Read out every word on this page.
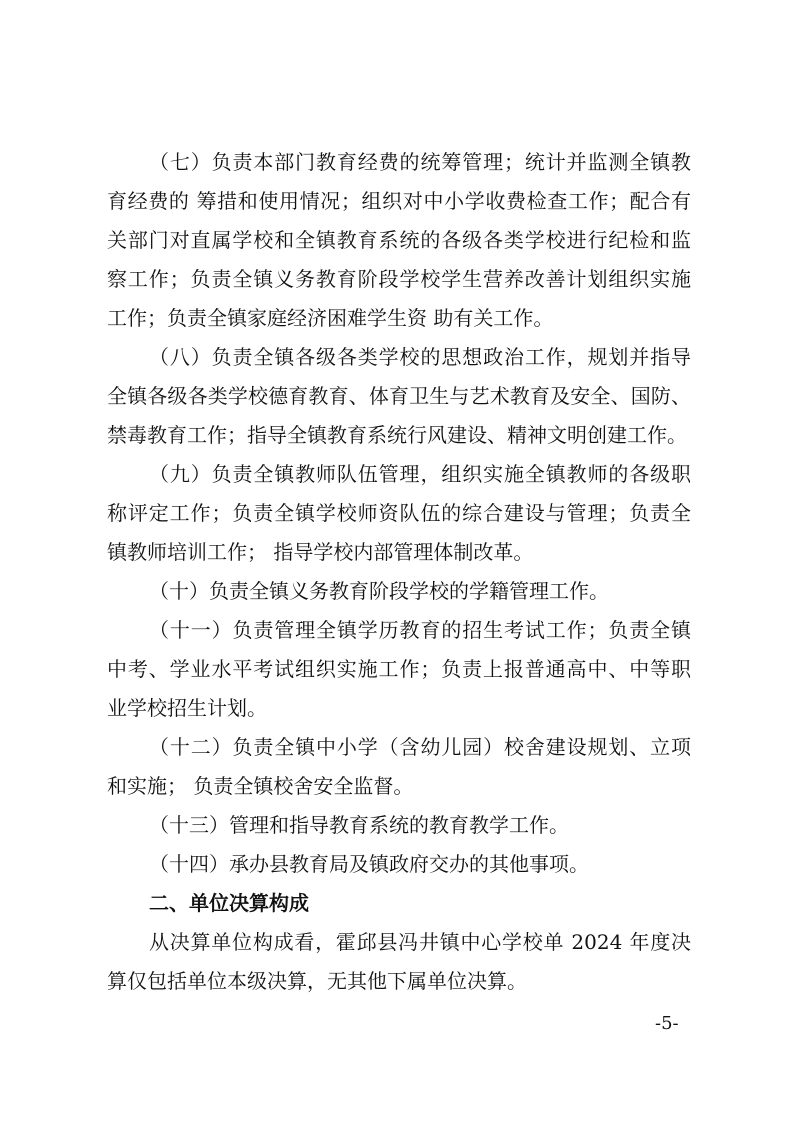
（七）负责本部门教育经费的统筹管理；统计并监测全镇教
育经费的 筹措和使用情况；组织对中小学收费检查工作；配合有
关部门对直属学校和全镇教育系统的各级各类学校进行纪检和监
察工作；负责全镇义务教育阶段学校学生营养改善计划组织实施
工作；负责全镇家庭经济困难学生资 助有关工作。
（八）负责全镇各级各类学校的思想政治工作，规划并指导
全镇各级各类学校德育教育、体育卫生与艺术教育及安全、国防、
禁毒教育工作；指导全镇教育系统行风建设、精神文明创建工作。
（九）负责全镇教师队伍管理，组织实施全镇教师的各级职
称评定工作；负责全镇学校师资队伍的综合建设与管理；负责全
镇教师培训工作； 指导学校内部管理体制改革。
（十）负责全镇义务教育阶段学校的学籍管理工作。
（十一）负责管理全镇学历教育的招生考试工作；负责全镇
中考、学业水平考试组织实施工作；负责上报普通高中、中等职
业学校招生计划。
（十二）负责全镇中小学（含幼儿园）校舍建设规划、立项
和实施； 负责全镇校舍安全监督。
（十三）管理和指导教育系统的教育教学工作。
（十四）承办县教育局及镇政府交办的其他事项。
二、单位决算构成
从决算单位构成看，霍邱县冯井镇中心学校单 2024 年度决
算仅包括单位本级决算，无其他下属单位决算。
-5-
